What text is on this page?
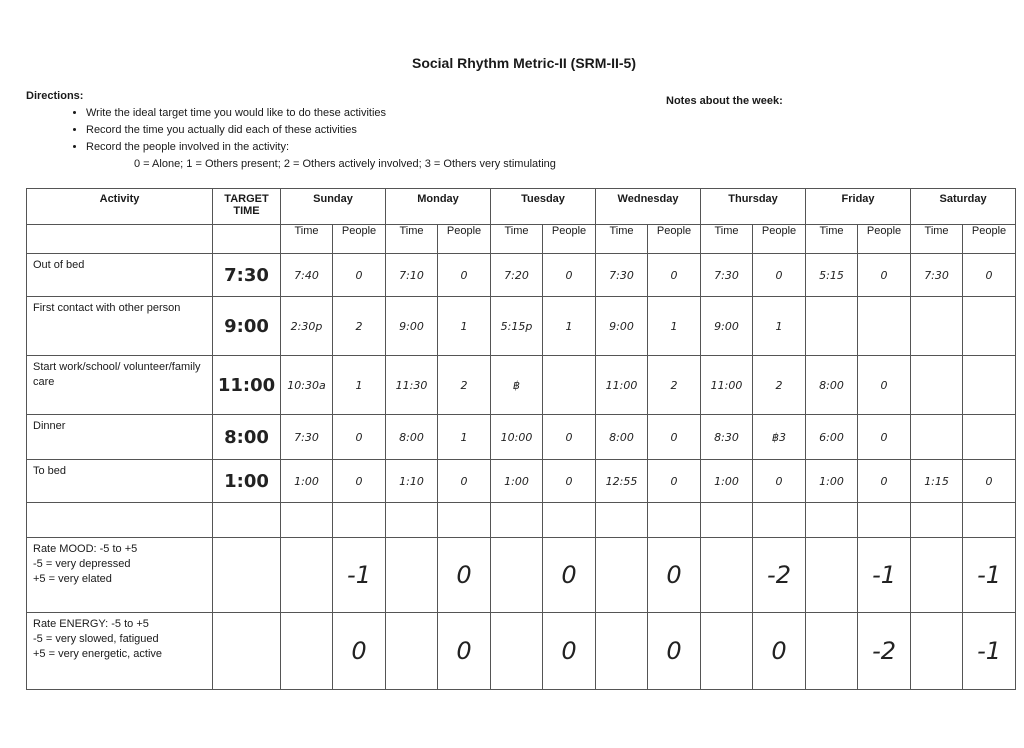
Social Rhythm Metric-II (SRM-II-5)
Directions:
• Write the ideal target time you would like to do these activities
• Record the time you actually did each of these activities
• Record the people involved in the activity:
0 = Alone; 1 = Others present; 2 = Others actively involved; 3 = Others very stimulating
Notes about the week:
Activity	TARGET TIME	Sunday		Monday		Tuesday		Wednesday		Thursday		Friday		Saturday	
		Time	People	Time	People	Time	People	Time	People	Time	People	Time	People	Time	People
Out of bed	7:30	7:40	0	7:10	0	7:20	0	7:30	0	7:30	0	5:15	0	7:30	0
First contact with other person	9:00	2:30p	2	9:00	1	5:15p	1	9:00	1	9:00	1				
Start work/school/ volunteer/family care	11:00	10:30a	1	11:30	2	฿		11:00	2	11:00	2	8:00	0		
Dinner	8:00	7:30	0	8:00	1	10:00	0	8:00	0	8:30	฿3	6:00	0		
To bed	1:00	1:00	0	1:10	0	1:00	0	12:55	0	1:00	0	1:00	0	1:15	0

Rate MOOD: -5 to +5
-5 = very depressed
+5 = very elated			-1		0		0		0		-2		-1		-1

Rate ENERGY: -5 to +5
-5 = very slowed, fatigued
+5 = very energetic, active			0		0		0		0		0		-2		-1
